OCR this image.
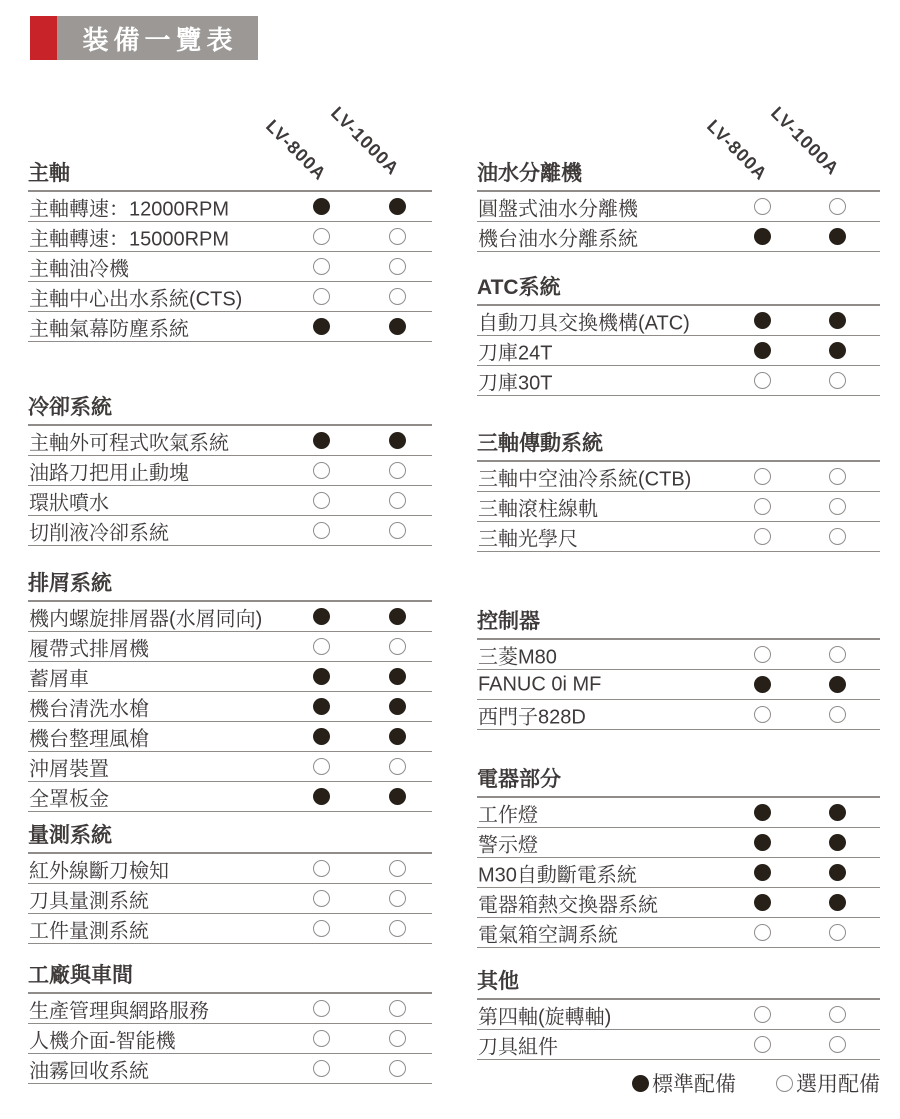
装備一覽表
LV-800A
LV-1000A	LV-800A
LV-1000A
主軸
主軸轉速：12000RPM
主軸轉速：15000RPM
主軸油冷機
主軸中心出水系統(CTS)
主軸氣幕防塵系統
冷卻系統
主軸外可程式吹氣系統
油路刀把用止動塊
環狀噴水
切削液冷卻系統
排屑系統
機内螺旋排屑器(水屑同向)
履帶式排屑機
蓄屑車
機台清洗水槍
機台整理風槍
沖屑裝置
全罩板金
量測系統
紅外線斷刀檢知
刀具量測系統
工件量測系統
工廠與車間
生產管理與網路服務
人機介面-智能機
油霧回收系統
油水分離機
圓盤式油水分離機
機台油水分離系統
ATC系統
自動刀具交換機構(ATC)
刀庫24T
刀庫30T
三軸傳動系統
三軸中空油冷系統(CTB)
三軸滾柱線軌
三軸光學尺
控制器
三菱M80
FANUC 0i MF
西門子828D
電器部分
工作燈
警示燈
M30自動斷電系統
電器箱熱交換器系統
電氣箱空調系統
其他
第四軸(旋轉軸)
刀具組件
標準配備	選用配備
